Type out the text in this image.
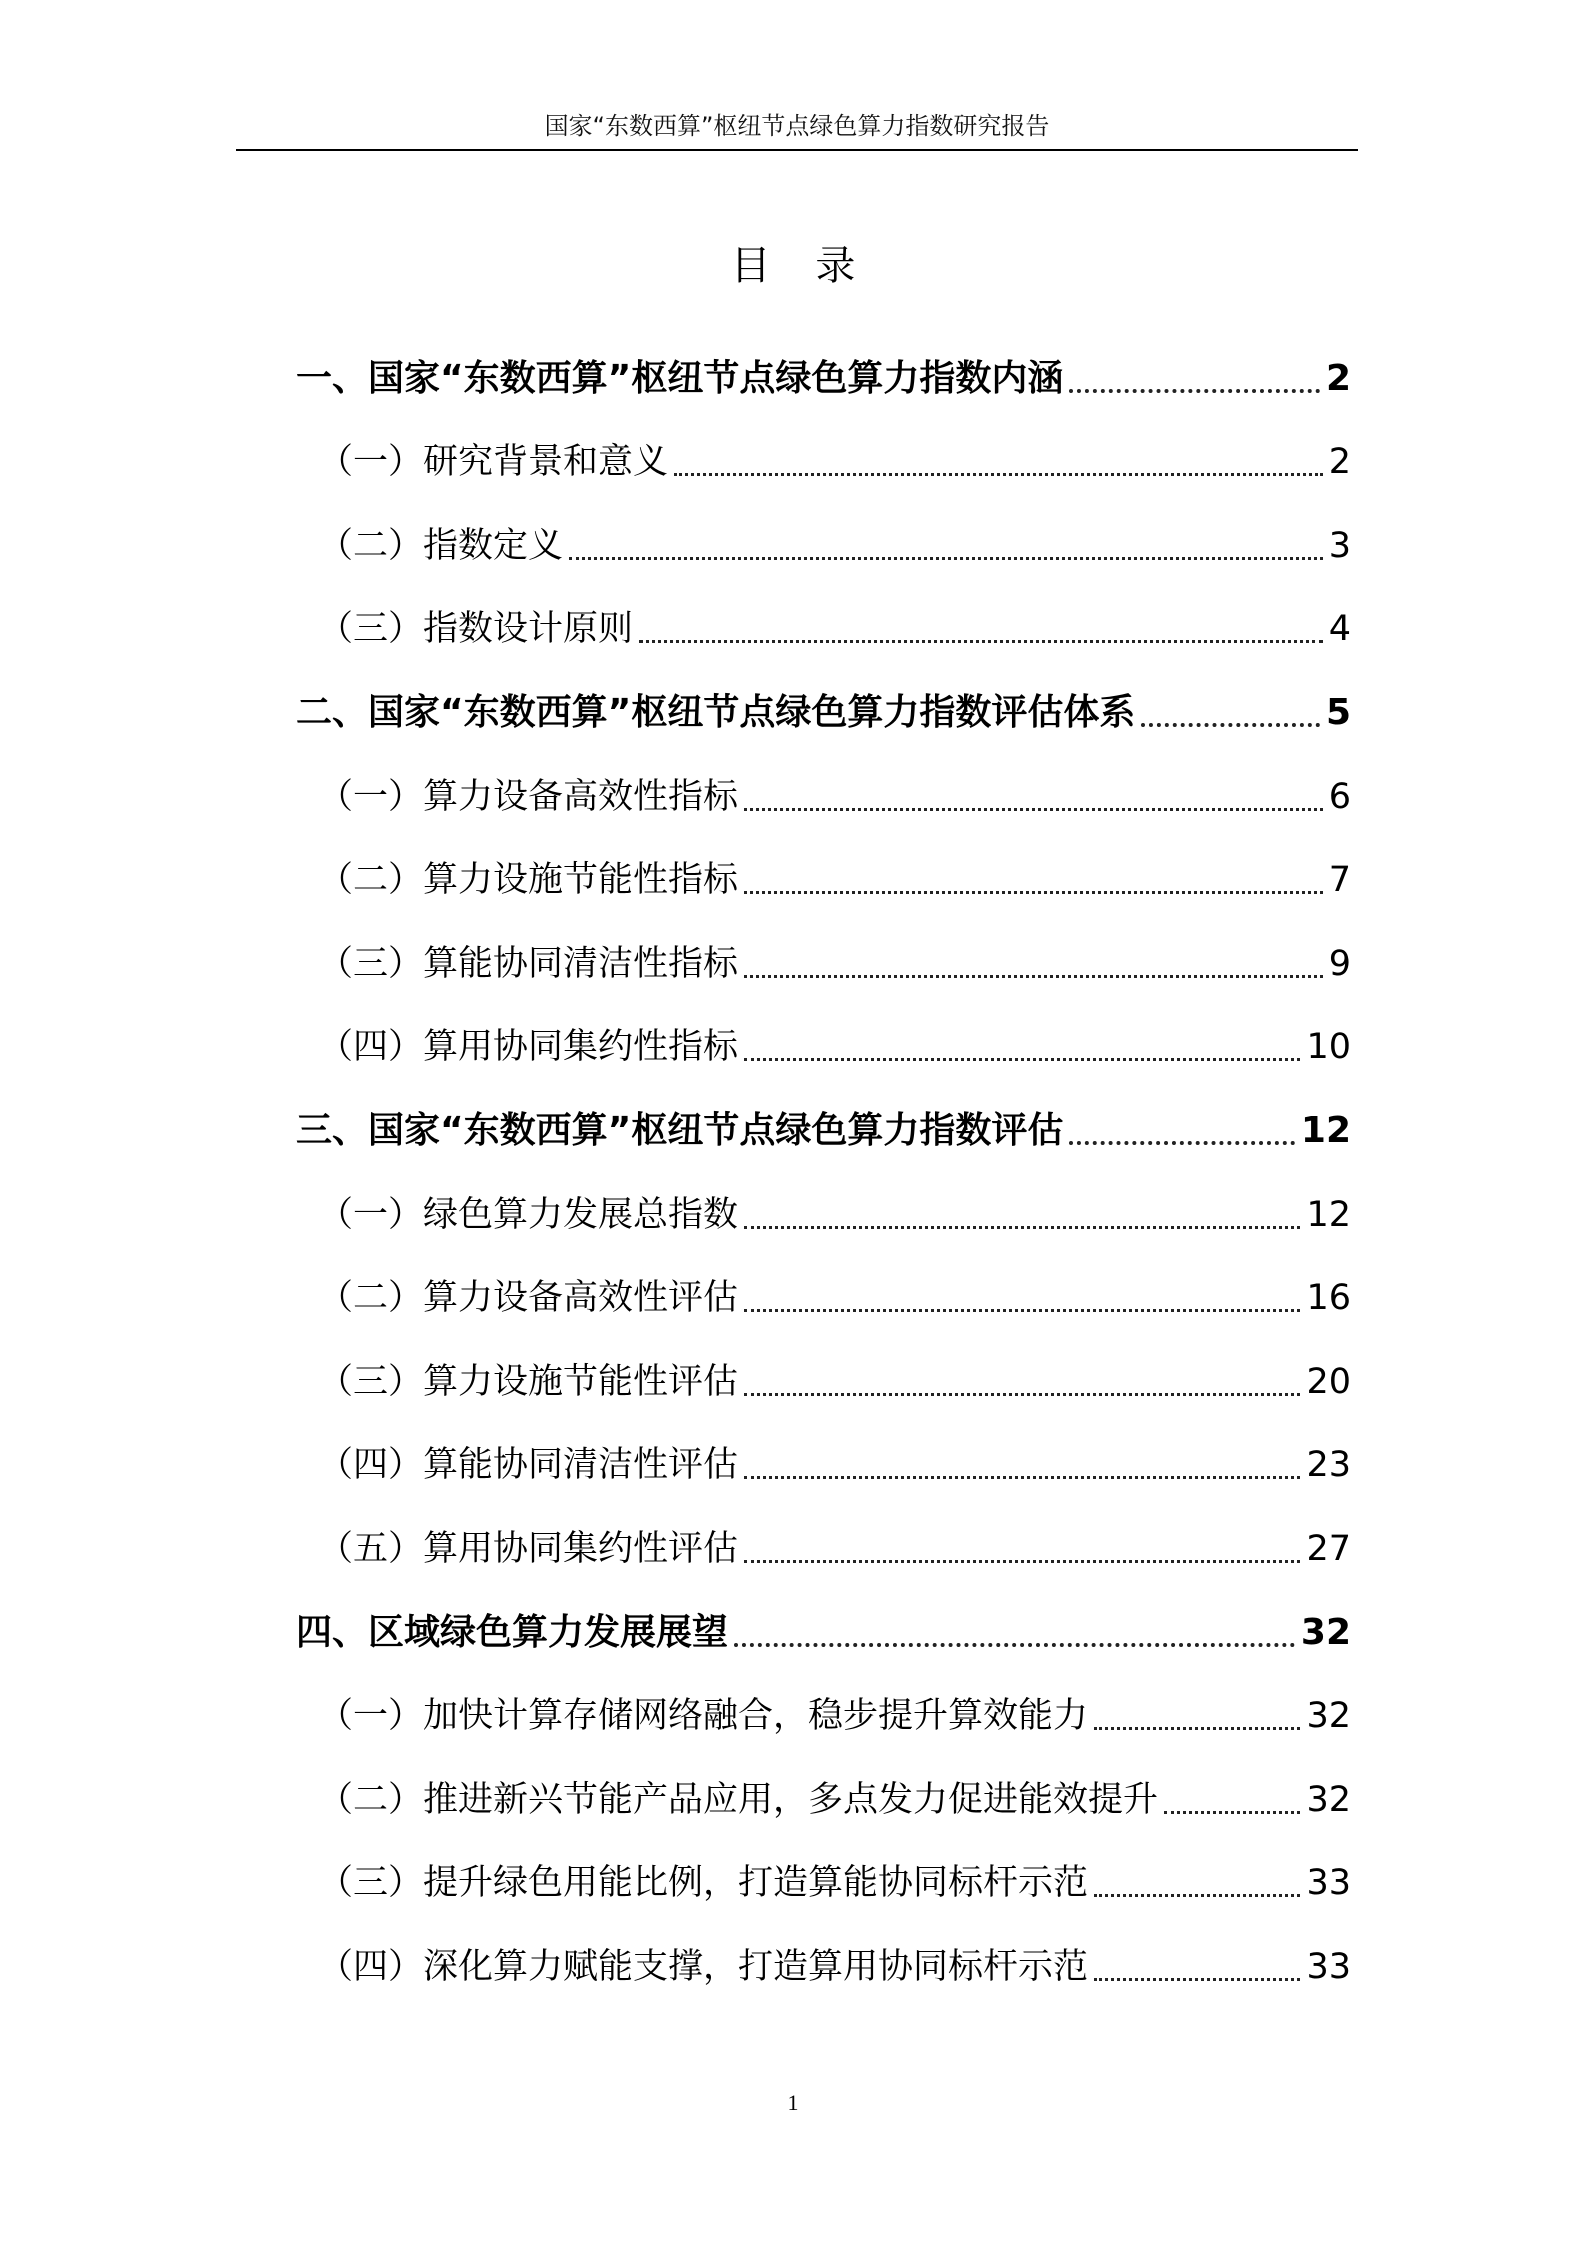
国家“东数西算”枢纽节点绿色算力指数研究报告
目 录
一、国家“东数西算”枢纽节点绿色算力指数内涵	2
（一）研究背景和意义	2
（二）指数定义	3
（三）指数设计原则	4
二、国家“东数西算”枢纽节点绿色算力指数评估体系	5
（一）算力设备高效性指标	6
（二）算力设施节能性指标	7
（三）算能协同清洁性指标	9
（四）算用协同集约性指标	10
三、国家“东数西算”枢纽节点绿色算力指数评估	12
（一）绿色算力发展总指数	12
（二）算力设备高效性评估	16
（三）算力设施节能性评估	20
（四）算能协同清洁性评估	23
（五）算用协同集约性评估	27
四、区域绿色算力发展展望	32
（一）加快计算存储网络融合，稳步提升算效能力	32
（二）推进新兴节能产品应用，多点发力促进能效提升	32
（三）提升绿色用能比例，打造算能协同标杆示范	33
（四）深化算力赋能支撑，打造算用协同标杆示范	33
1
